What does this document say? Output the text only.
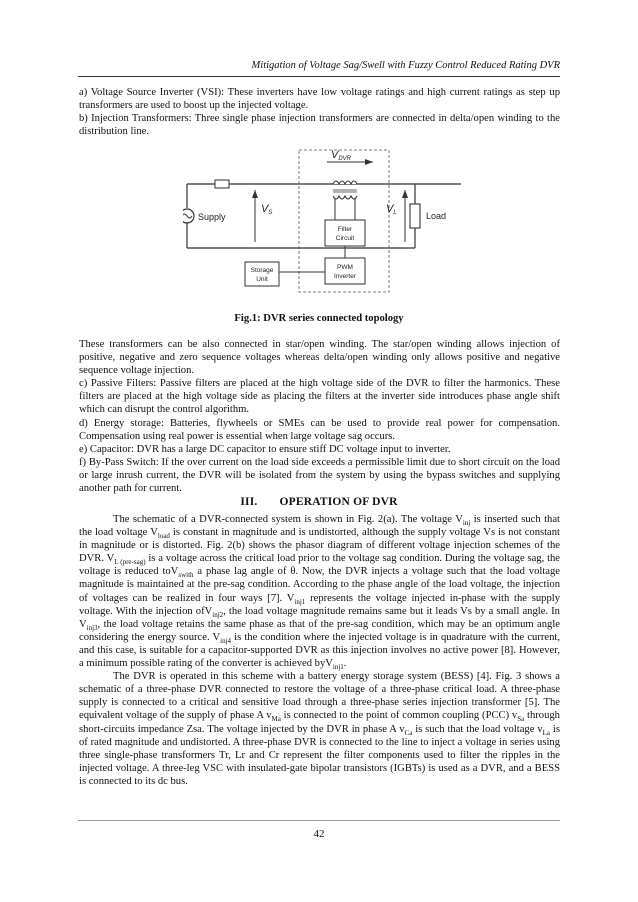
Mitigation of Voltage Sag/Swell with Fuzzy Control Reduced Rating DVR

a) Voltage Source Inverter (VSI): These inverters have low voltage ratings and high current ratings as step up transformers are used to boost up the injected voltage.

b) Injection Transformers: Three single phase injection transformers are connected in delta/open winding to the distribution line.

VDVR
VS	VL
Supply	Load
Filter
Circuit
PWM
Inverter
Storage
Unit
Fig.1: DVR series connected topology

These transformers can be also connected in star/open winding. The star/open winding allows injection of positive, negative and zero sequence voltages whereas delta/open winding only allows positive and negative sequence voltage injection.

c) Passive Filters: Passive filters are placed at the high voltage side of the DVR to filter the harmonics. These filters are placed at the high voltage side as placing the filters at the inverter side introduces phase angle shift which can disrupt the control algorithm.

d) Energy storage: Batteries, flywheels or SMEs can be used to provide real power for compensation. Compensation using real power is essential when large voltage sag occurs.

e) Capacitor: DVR has a large DC capacitor to ensure stiff DC voltage input to inverter.

f) By-Pass Switch: If the over current on the load side exceeds a permissible limit due to short circuit on the load or large inrush current, the DVR will be isolated from the system by using the bypass switches and supplying another path for current.

III. OPERATION OF DVR

The schematic of a DVR-connected system is shown in Fig. 2(a). The voltage $V_{inj}$ is inserted such that the load voltage $V_{load}$ is constant in magnitude and is undistorted, although the supply voltage Vs is not constant in magnitude or is distorted. Fig. 2(b) shows the phasor diagram of different voltage injection schemes of the DVR. $V_{L (pre-sag)}$ is a voltage across the critical load prior to the voltage sag condition. During the voltage sag, the voltage is reduced toV$_{swith}$ a phase lag angle of θ. Now, the DVR injects a voltage such that the load voltage magnitude is maintained at the pre-sag condition. According to the phase angle of the load voltage, the injection of voltages can be realized in four ways [7]. $V_{inj1}$ represents the voltage injected in-phase with the supply voltage. With the injection ofV$_{inj2}$, the load voltage magnitude remains same but it leads Vs by a small angle. In $V_{inj3}$, the load voltage retains the same phase as that of the pre-sag condition, which may be an optimum angle considering the energy source. $V_{inj4}$ is the condition where the injected voltage is in quadrature with the current, and this case, is suitable for a capacitor-supported DVR as this injection involves no active power [8]. However, a minimum possible rating of the converter is achieved byV$_{inj1}$.

The DVR is operated in this scheme with a battery energy storage system (BESS) [4]. Fig. 3 shows a schematic of a three-phase DVR connected to restore the voltage of a three-phase critical load. A three-phase supply is connected to a critical and sensitive load through a three-phase series injection transformer [5]. The equivalent voltage of the supply of phase A $v_{Ma}$ is connected to the point of common coupling (PCC) $v_{Sa}$ through short-circuits impedance Zsa. The voltage injected by the DVR in phase A $v_{Ca}$ is such that the load voltage $v_{La}$ is of rated magnitude and undistorted. A three-phase DVR is connected to the line to inject a voltage in series using three single-phase transformers Tr, Lr and Cr represent the filter components used to filter the ripples in the injected voltage. A three-leg VSC with insulated-gate bipolar transistors (IGBTs) is used as a DVR, and a BESS is connected to its dc bus.

42
